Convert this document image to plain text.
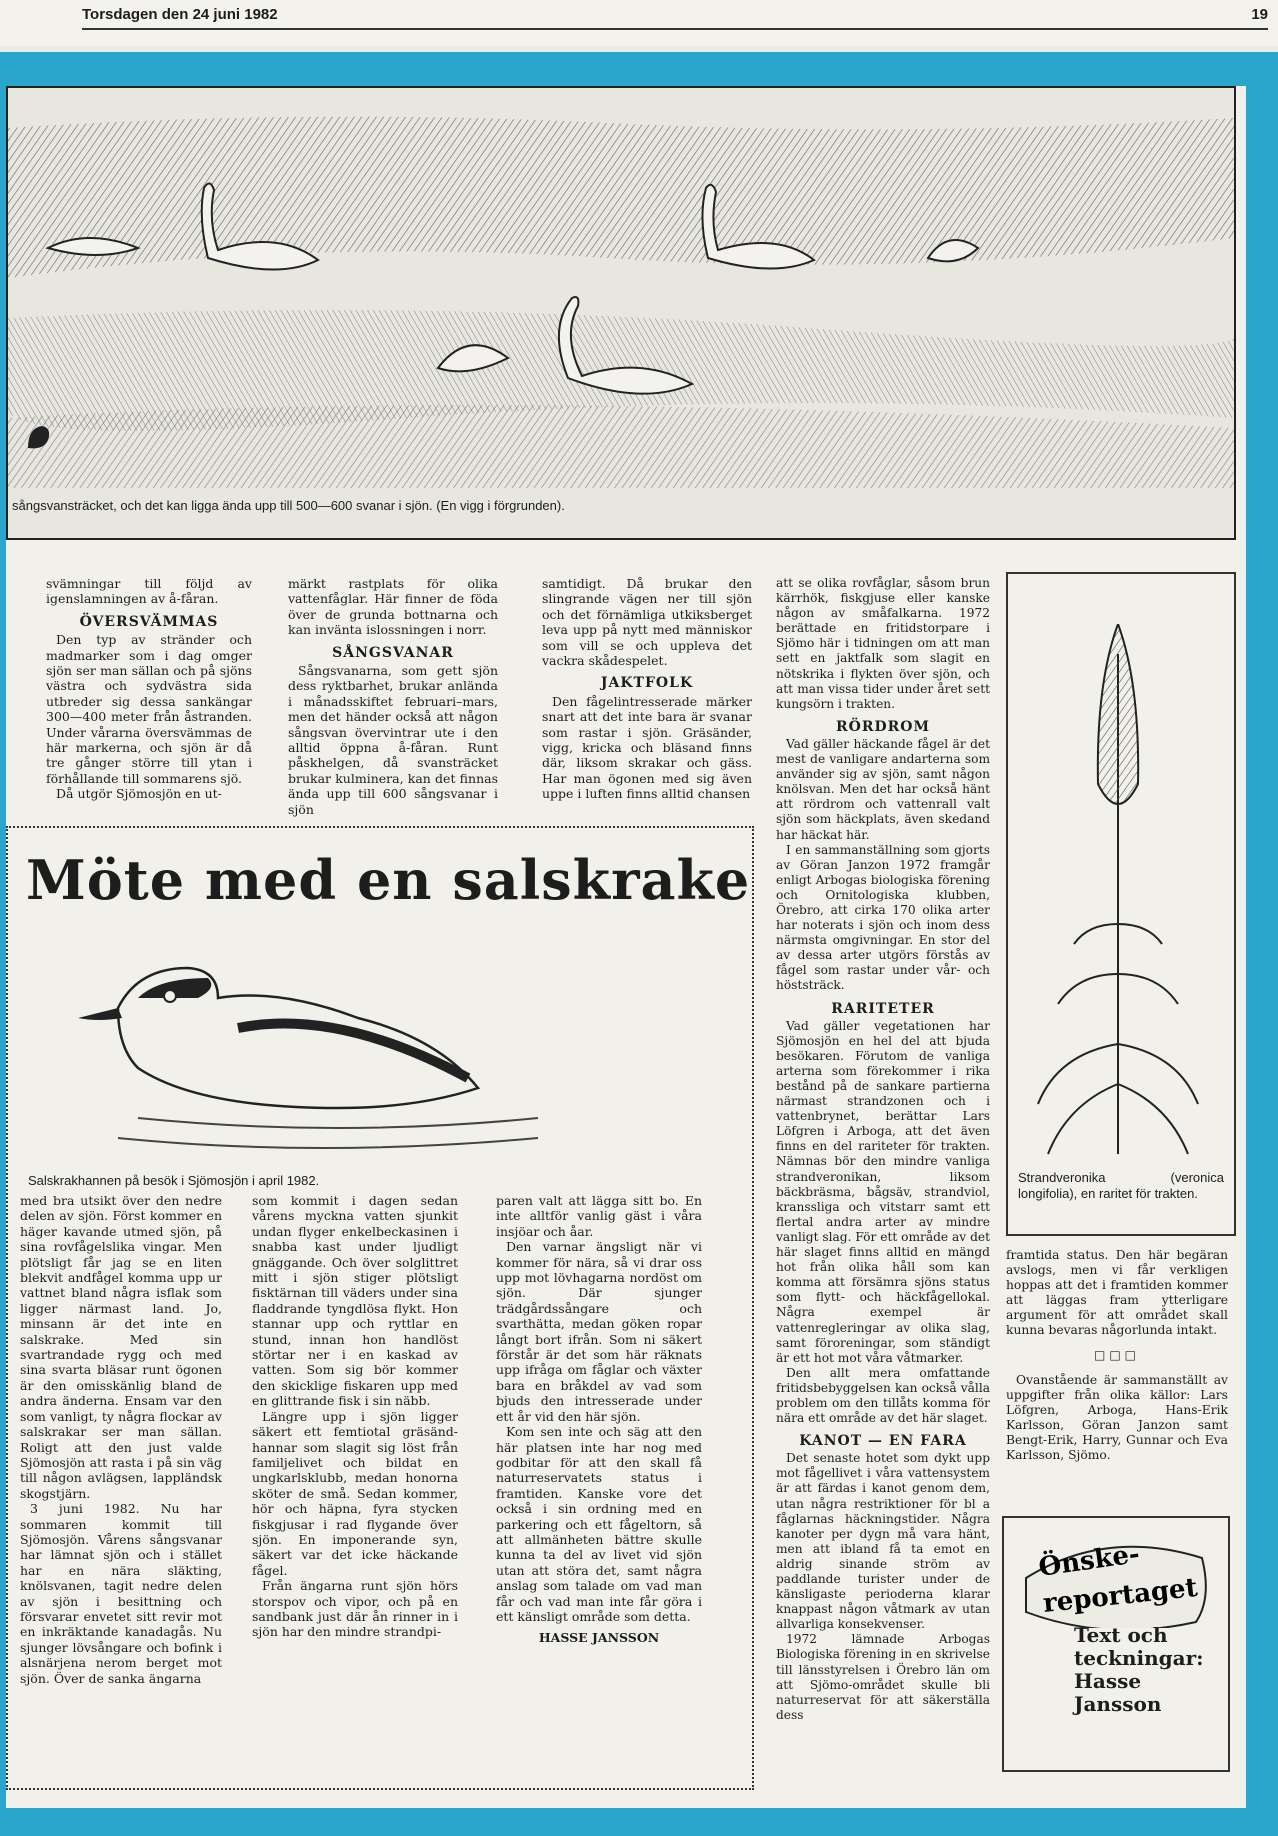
Torsdagen den 24 juni 1982	19
sångsvansträcket, och det kan ligga ända upp till 500—600 svanar i sjön. (En vigg i förgrunden).

svämningar till följd av igenslamningen av å-fåran.

ÖVERSVÄMMAS

Den typ av stränder och madmarker som i dag omger sjön ser man sällan och på sjöns västra och sydvästra sida utbreder sig dessa sankängar 300—400 meter från åstranden. Under vårarna översvämmas de här markerna, och sjön är då tre gånger större till ytan i förhållande till sommarens sjö.

Då utgör Sjömosjön en ut-

märkt rastplats för olika vattenfåglar. Här finner de föda över de grunda bottnarna och kan invänta islossningen i norr.

SÅNGSVANAR

Sångsvanarna, som gett sjön dess ryktbarhet, brukar anlända i månadsskiftet februari–mars, men det händer också att någon sångsvan övervintrar ute i den alltid öppna å-fåran. Runt påskhelgen, då svansträcket brukar kulminera, kan det finnas ända upp till 600 sångsvanar i sjön

samtidigt. Då brukar den slingrande vägen ner till sjön och det förnämliga utkiksberget leva upp på nytt med människor som vill se och uppleva det vackra skådespelet.

JAKTFOLK

Den fågelintresserade märker snart att det inte bara är svanar som rastar i sjön. Gräsänder, vigg, kricka och bläsand finns där, liksom skrakar och gäss. Har man ögonen med sig även uppe i luften finns alltid chansen

att se olika rovfåglar, såsom brun kärrhök, fiskgjuse eller kanske någon av småfalkarna. 1972 berättade en fritidstorpare i Sjömo här i tidningen om att man sett en jaktfalk som slagit en nötskrika i flykten över sjön, och att man vissa tider under året sett kungsörn i trakten.

RÖRDROM

Vad gäller häckande fågel är det mest de vanligare andarterna som använder sig av sjön, samt någon knölsvan. Men det har också hänt att rördrom och vattenrall valt sjön som häckplats, även skedand har häckat här.

I en sammanställning som gjorts av Göran Janzon 1972 framgår enligt Arbogas biologiska förening och Ornitologiska klubben, Örebro, att cirka 170 olika arter har noterats i sjön och inom dess närmsta omgivningar. En stor del av dessa arter utgörs förstås av fågel som rastar under vår- och höststräck.

RARITETER

Vad gäller vegetationen har Sjömosjön en hel del att bjuda besökaren. Förutom de vanliga arterna som förekommer i rika bestånd på de sankare partierna närmast strandzonen och i vattenbrynet, berättar Lars Löfgren i Arboga, att det även finns en del rariteter för trakten. Nämnas bör den mindre vanliga strandveronikan, liksom bäckbräsma, bågsäv, strandviol, kranssliga och vitstarr samt ett flertal andra arter av mindre vanligt slag. För ett område av det här slaget finns alltid en mängd hot från olika håll som kan komma att försämra sjöns status som flytt- och häckfågellokal. Några exempel är vattenregleringar av olika slag, samt föroreningar, som ständigt är ett hot mot våra våtmarker.

Den allt mera omfattande fritidsbebyggelsen kan också vålla problem om den tillåts komma för nära ett område av det här slaget.

KANOT — EN FARA

Det senaste hotet som dykt upp mot fågellivet i våra vattensystem är att färdas i kanot genom dem, utan några restriktioner för bl a fåglarnas häckningstider. Några kanoter per dygn må vara hänt, men att ibland få ta emot en aldrig sinande ström av paddlande turister under de känsligaste perioderna klarar knappast någon våtmark av utan allvarliga konsekvenser.

1972 lämnade Arbogas Biologiska förening in en skrivelse till länsstyrelsen i Örebro län om att Sjömo-området skulle bli naturreservat för att säkerställa dess

Strandveronika (veronica longifolia), en raritet för trakten.
Möte med en salskrake
Salskrakhannen på besök i Sjömosjön i april 1982.

med bra utsikt över den nedre delen av sjön. Först kommer en häger kavande utmed sjön, på sina rovfågelslika vingar. Men plötsligt får jag se en liten blekvit andfågel komma upp ur vattnet bland några isflak som ligger närmast land. Jo, minsann är det inte en salskrake. Med sin svartrandade rygg och med sina svarta bläsar runt ögonen är den omisskänlig bland de andra änderna. Ensam var den som vanligt, ty några flockar av salskrakar ser man sällan. Roligt att den just valde Sjömosjön att rasta i på sin väg till någon avlägsen, lappländsk skogstjärn.

3 juni 1982. Nu har sommaren kommit till Sjömosjön. Vårens sångsvanar har lämnat sjön och i stället har en nära släkting, knölsvanen, tagit nedre delen av sjön i besittning och försvarar envetet sitt revir mot en inkräktande kanadagås. Nu sjunger lövsångare och bofink i alsnärjena nerom berget mot sjön. Över de sanka ängarna

som kommit i dagen sedan vårens myckna vatten sjunkit undan flyger enkelbeckasinen i snabba kast under ljudligt gnäggande. Och över solglittret mitt i sjön stiger plötsligt fisktärnan till väders under sina fladdrande tyngdlösa flykt. Hon stannar upp och ryttlar en stund, innan hon handlöst störtar ner i en kaskad av vatten. Som sig bör kommer den skicklige fiskaren upp med en glittrande fisk i sin näbb.

Längre upp i sjön ligger säkert ett femtiotal gräsänd-hannar som slagit sig löst från familjelivet och bildat en ungkarlsklubb, medan honorna sköter de små. Sedan kommer, hör och häpna, fyra stycken fiskgjusar i rad flygande över sjön. En imponerande syn, säkert var det icke häckande fågel.

Från ängarna runt sjön hörs storspov och vipor, och på en sandbank just där ån rinner in i sjön har den mindre strandpi-

paren valt att lägga sitt bo. En inte alltför vanlig gäst i våra insjöar och åar.

Den varnar ängsligt när vi kommer för nära, så vi drar oss upp mot lövhagarna nordöst om sjön. Där sjunger trädgårdssångare och svarthätta, medan göken ropar långt bort ifrån. Som ni säkert förstår är det som här räknats upp ifråga om fåglar och växter bara en bråkdel av vad som bjuds den intresserade under ett år vid den här sjön.

Kom sen inte och säg att den här platsen inte har nog med godbitar för att den skall få naturreservatets status i framtiden. Kanske vore det också i sin ordning med en parkering och ett fågeltorn, så att allmänheten bättre skulle kunna ta del av livet vid sjön utan att störa det, samt några anslag som talade om vad man får och vad man inte får göra i ett känsligt område som detta.

HASSE JANSSON

framtida status. Den här begäran avslogs, men vi får verkligen hoppas att det i framtiden kommer att läggas fram ytterligare argument för att området skall kunna bevaras någorlunda intakt.

□□□

Ovanstående är sammanställt av uppgifter från olika källor: Lars Löfgren, Arboga, Hans-Erik Karlsson, Göran Janzon samt Bengt-Erik, Harry, Gunnar och Eva Karlsson, Sjömo.

Önske-
reportaget
Text och
teckningar:
Hasse
Jansson
